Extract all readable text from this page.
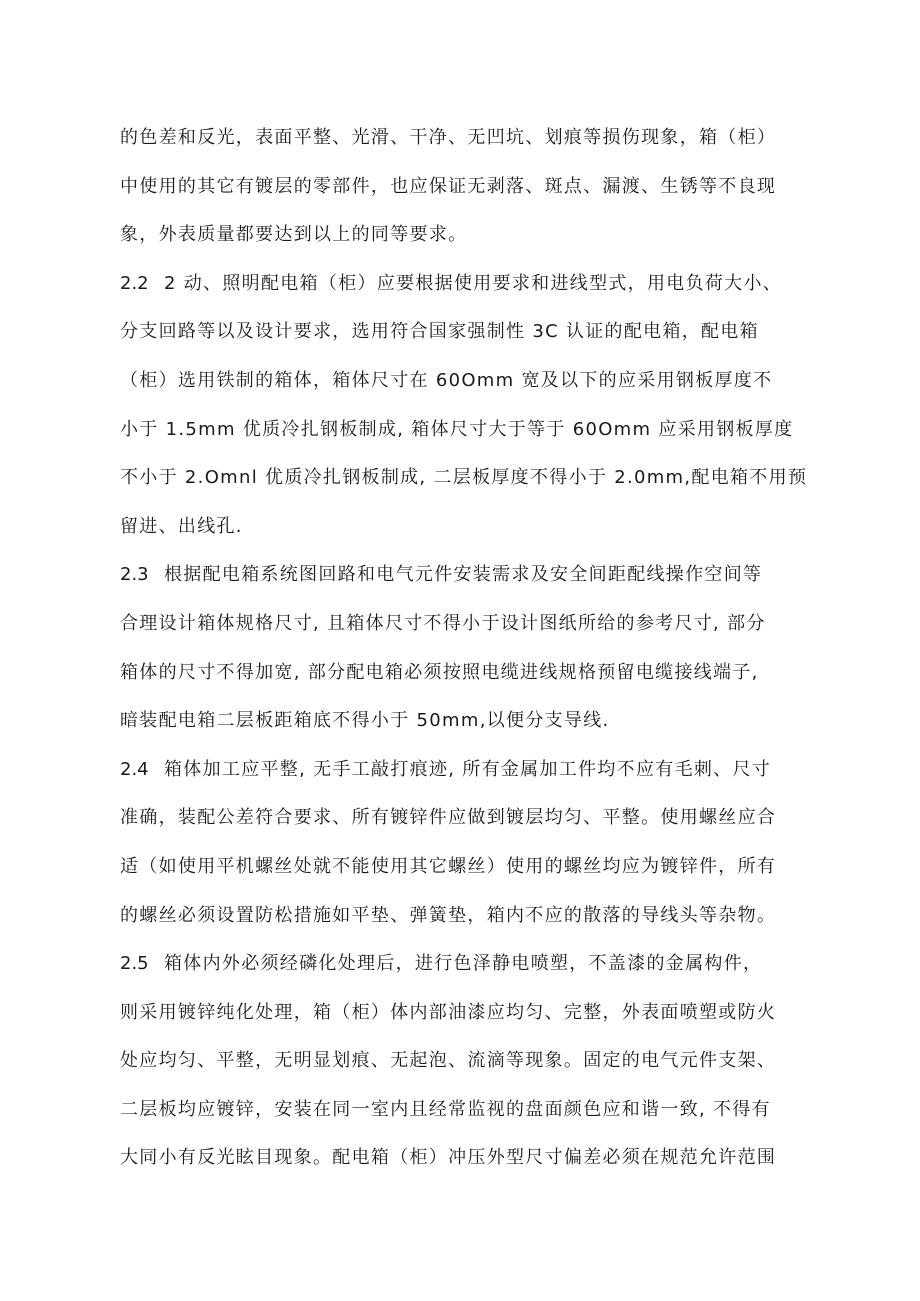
的色差和反光，表面平整、光滑、干净、无凹坑、划痕等损伤现象，箱（柜）
中使用的其它有镀层的零部件，也应保证无剥落、斑点、漏渡、生锈等不良现
象，外表质量都要达到以上的同等要求。
2.2 2 动、照明配电箱（柜）应要根据使用要求和进线型式，用电负荷大小、
分支回路等以及设计要求，选用符合国家强制性 3C 认证的配电箱，配电箱
（柜）选用铁制的箱体，箱体尺寸在 60Omm 宽及以下的应采用钢板厚度不
小于 1.5mm 优质冷扎钢板制成, 箱体尺寸大于等于 60Omm 应采用钢板厚度
不小于 2.Omnl 优质冷扎钢板制成, 二层板厚度不得小于 2.0mm,配电箱不用预
留进、出线孔.
2.3 根据配电箱系统图回路和电气元件安装需求及安全间距配线操作空间等
合理设计箱体规格尺寸, 且箱体尺寸不得小于设计图纸所给的参考尺寸, 部分
箱体的尺寸不得加宽, 部分配电箱必须按照电缆进线规格预留电缆接线端子,
暗装配电箱二层板距箱底不得小于 50mm,以便分支导线.
2.4 箱体加工应平整, 无手工敲打痕迹, 所有金属加工件均不应有毛刺、尺寸
准确，装配公差符合要求、所有镀锌件应做到镀层均匀、平整。使用螺丝应合
适（如使用平机螺丝处就不能使用其它螺丝）使用的螺丝均应为镀锌件，所有
的螺丝必须设置防松措施如平垫、弹簧垫，箱内不应的散落的导线头等杂物。
2.5 箱体内外必须经磷化处理后，进行色泽静电喷塑，不盖漆的金属构件，
则采用镀锌纯化处理，箱（柜）体内部油漆应均匀、完整，外表面喷塑或防火
处应均匀、平整，无明显划痕、无起泡、流滴等现象。固定的电气元件支架、
二层板均应镀锌，安装在同一室内且经常监视的盘面颜色应和谐一致, 不得有
大同小有反光眩目现象。配电箱（柜）冲压外型尺寸偏差必须在规范允许范围
